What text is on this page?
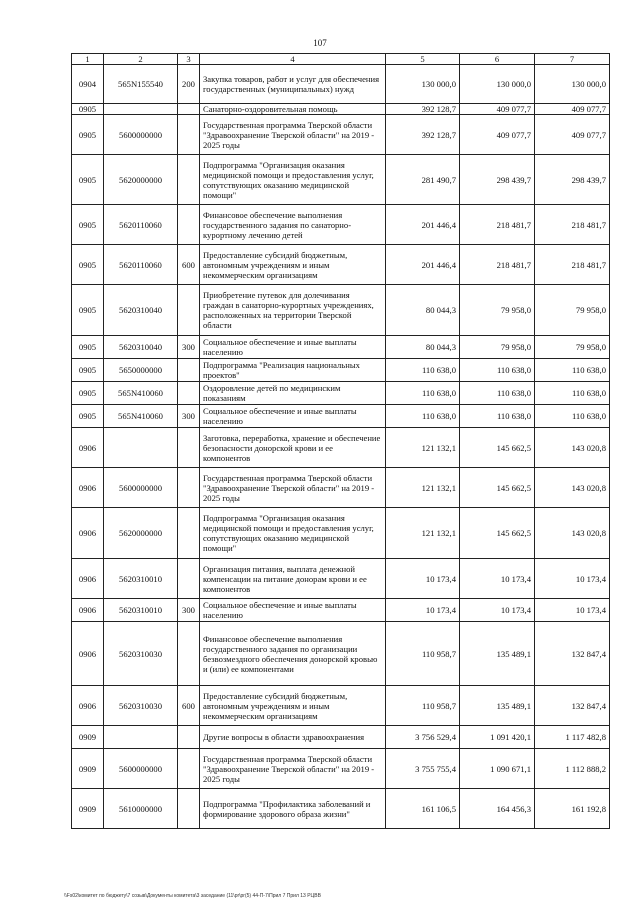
107
1	2	3	4	5	6	7
0904	565N155540	200	Закупка товаров, работ и услуг для обеспечения государственных (муниципальных) нужд	130 000,0	130 000,0	130 000,0
0905			Санаторно-оздоровительная помощь	392 128,7	409 077,7	409 077,7
0905	5600000000		Государственная программа Тверской области "Здравоохранение Тверской области" на 2019 - 2025 годы	392 128,7	409 077,7	409 077,7
0905	5620000000		Подпрограмма "Организация оказания медицинской помощи и предоставления услуг, сопутствующих оказанию медицинской помощи"	281 490,7	298 439,7	298 439,7
0905	5620110060		Финансовое обеспечение выполнения государственного задания по санаторно-курортному лечению детей	201 446,4	218 481,7	218 481,7
0905	5620110060	600	Предоставление субсидий бюджетным, автономным учреждениям и иным некоммерческим организациям	201 446,4	218 481,7	218 481,7
0905	5620310040		Приобретение путевок для долечивания граждан в санаторно-курортных учреждениях, расположенных на территории Тверской области	80 044,3	79 958,0	79 958,0
0905	5620310040	300	Социальное обеспечение и иные выплаты населению	80 044,3	79 958,0	79 958,0
0905	5650000000		Подпрограмма "Реализация национальных проектов"	110 638,0	110 638,0	110 638,0
0905	565N410060		Оздоровление детей по медицинским показаниям	110 638,0	110 638,0	110 638,0
0905	565N410060	300	Социальное обеспечение и иные выплаты населению	110 638,0	110 638,0	110 638,0
0906			Заготовка, переработка, хранение и обеспечение безопасности донорской крови и ее компонентов	121 132,1	145 662,5	143 020,8
0906	5600000000		Государственная программа Тверской области "Здравоохранение Тверской области" на 2019 - 2025 годы	121 132,1	145 662,5	143 020,8
0906	5620000000		Подпрограмма "Организация оказания медицинской помощи и предоставления услуг, сопутствующих оказанию медицинской помощи"	121 132,1	145 662,5	143 020,8
0906	5620310010		Организация питания, выплата денежной компенсации на питание донорам крови и ее компонентов	10 173,4	10 173,4	10 173,4
0906	5620310010	300	Социальное обеспечение и иные выплаты населению	10 173,4	10 173,4	10 173,4
0906	5620310030		Финансовое обеспечение выполнения государственного задания по организации безвозмездного обеспечения донорской кровью и (или) ее компонентами	110 958,7	135 489,1	132 847,4
0906	5620310030	600	Предоставление субсидий бюджетным, автономным учреждениям и иным некоммерческим организациям	110 958,7	135 489,1	132 847,4
0909			Другие вопросы в области здравоохранения	3 756 529,4	1 091 420,1	1 117 482,8
0909	5600000000		Государственная программа Тверской области "Здравоохранение Тверской области" на 2019 - 2025 годы	3 755 755,4	1 090 671,1	1 112 888,2
0909	5610000000		Подпрограмма "Профилактика заболеваний и формирование здорового образа жизни"	161 106,5	164 456,3	161 192,8
\\Fs02\комитет по бюджету\7 созыв\Документы комитета\3 заседание (11\pr\pr(5) 44-П-7\Прил 7 Прил 13 РЦВВ
